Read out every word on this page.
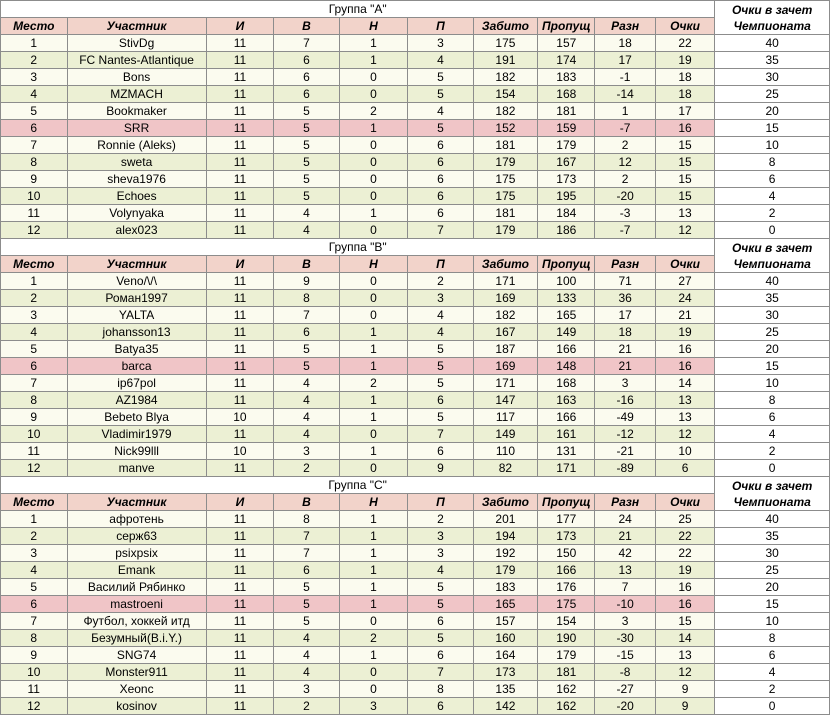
Группа "A"										Очки в зачет Чемпионата
Место	Участник	И	В	Н	П	Забито	Пропущ	Разн	Очки	
1	StivDg	11	7	1	3	175	157	18	22	40
2	FC Nantes-Atlantique	11	6	1	4	191	174	17	19	35
3	Bons	11	6	0	5	182	183	-1	18	30
4	MZMACH	11	6	0	5	154	168	-14	18	25
5	Bookmaker	11	5	2	4	182	181	1	17	20
6	SRR	11	5	1	5	152	159	-7	16	15
7	Ronnie (Aleks)	11	5	0	6	181	179	2	15	10
8	sweta	11	5	0	6	179	167	12	15	8
9	sheva1976	11	5	0	6	175	173	2	15	6
10	Echoes	11	5	0	6	175	195	-20	15	4
11	Volynyaka	11	4	1	6	181	184	-3	13	2
12	alex023	11	4	0	7	179	186	-7	12	0
Группа "B"										Очки в зачет Чемпионата
Место	Участник	И	В	Н	П	Забито	Пропущ	Разн	Очки	
1	Veno/\/\	11	9	0	2	171	100	71	27	40
2	Роман1997	11	8	0	3	169	133	36	24	35
3	YALTA	11	7	0	4	182	165	17	21	30
4	johansson13	11	6	1	4	167	149	18	19	25
5	Batya35	11	5	1	5	187	166	21	16	20
6	barca	11	5	1	5	169	148	21	16	15
7	ip67pol	11	4	2	5	171	168	3	14	10
8	AZ1984	11	4	1	6	147	163	-16	13	8
9	Bebeto Blya	10	4	1	5	117	166	-49	13	6
10	Vladimir1979	11	4	0	7	149	161	-12	12	4
11	Nick99lll	10	3	1	6	110	131	-21	10	2
12	manve	11	2	0	9	82	171	-89	6	0
Группа "C"										Очки в зачет Чемпионата
Место	Участник	И	В	Н	П	Забито	Пропущ	Разн	Очки	
1	афротень	11	8	1	2	201	177	24	25	40
2	серж63	11	7	1	3	194	173	21	22	35
3	psixpsix	11	7	1	3	192	150	42	22	30
4	Emank	11	6	1	4	179	166	13	19	25
5	Василий Рябинко	11	5	1	5	183	176	7	16	20
6	mastroeni	11	5	1	5	165	175	-10	16	15
7	Футбол, хоккей итд	11	5	0	6	157	154	3	15	10
8	Безумный(B.i.Y.)	11	4	2	5	160	190	-30	14	8
9	SNG74	11	4	1	6	164	179	-15	13	6
10	Monster911	11	4	0	7	173	181	-8	12	4
11	Xeonc	11	3	0	8	135	162	-27	9	2
12	kosinov	11	2	3	6	142	162	-20	9	0
